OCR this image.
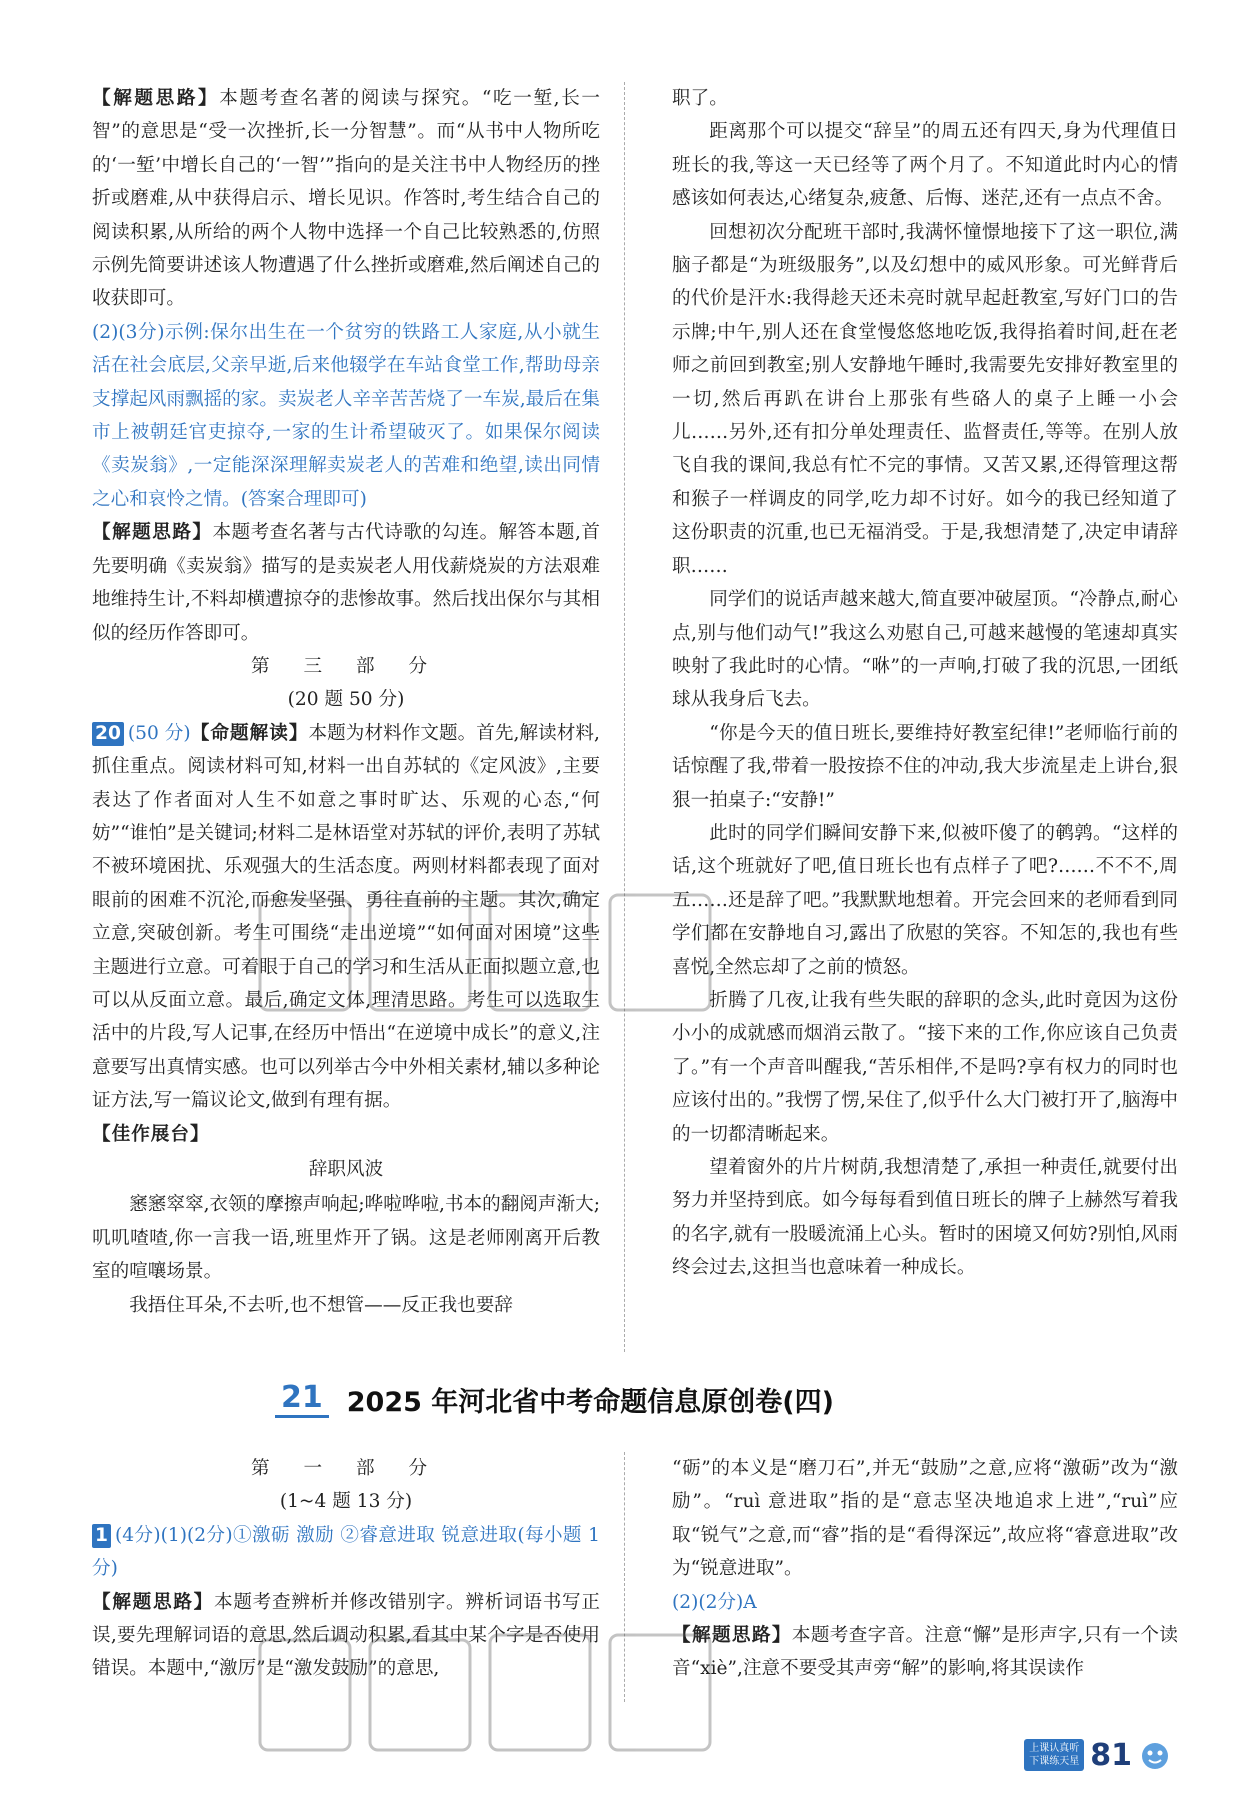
【解题思路】本题考查名著的阅读与探究。“吃一堑,长一智”的意思是“受一次挫折,长一分智慧”。而“从书中人物所吃的‘一堑’中增长自己的‘一智’”指向的是关注书中人物经历的挫折或磨难,从中获得启示、增长见识。作答时,考生结合自己的阅读积累,从所给的两个人物中选择一个自己比较熟悉的,仿照示例先简要讲述该人物遭遇了什么挫折或磨难,然后阐述自己的收获即可。

(2)(3分)示例:保尔出生在一个贫穷的铁路工人家庭,从小就生活在社会底层,父亲早逝,后来他辍学在车站食堂工作,帮助母亲支撑起风雨飘摇的家。卖炭老人辛辛苦苦烧了一车炭,最后在集市上被朝廷官吏掠夺,一家的生计希望破灭了。如果保尔阅读《卖炭翁》,一定能深深理解卖炭老人的苦难和绝望,读出同情之心和哀怜之情。(答案合理即可)

【解题思路】本题考查名著与古代诗歌的勾连。解答本题,首先要明确《卖炭翁》描写的是卖炭老人用伐薪烧炭的方法艰难地维持生计,不料却横遭掠夺的悲惨故事。然后找出保尔与其相似的经历作答即可。

第 三 部 分

(20 题 50 分)

20 (50 分)【命题解读】本题为材料作文题。首先,解读材料,抓住重点。阅读材料可知,材料一出自苏轼的《定风波》,主要表达了作者面对人生不如意之事时旷达、乐观的心态,“何妨”“谁怕”是关键词;材料二是林语堂对苏轼的评价,表明了苏轼不被环境困扰、乐观强大的生活态度。两则材料都表现了面对眼前的困难不沉沦,而愈发坚强、勇往直前的主题。其次,确定立意,突破创新。考生可围绕“走出逆境”“如何面对困境”这些主题进行立意。可着眼于自己的学习和生活从正面拟题立意,也可以从反面立意。最后,确定文体,理清思路。考生可以选取生活中的片段,写人记事,在经历中悟出“在逆境中成长”的意义,注意要写出真情实感。也可以列举古今中外相关素材,辅以多种论证方法,写一篇议论文,做到有理有据。

【佳作展台】

辞职风波

窸窸窣窣,衣领的摩擦声响起;哗啦哗啦,书本的翻阅声渐大;叽叽喳喳,你一言我一语,班里炸开了锅。这是老师刚离开后教室的喧嚷场景。

我捂住耳朵,不去听,也不想管——反正我也要辞

职了。

距离那个可以提交“辞呈”的周五还有四天,身为代理值日班长的我,等这一天已经等了两个月了。不知道此时内心的情感该如何表达,心绪复杂,疲惫、后悔、迷茫,还有一点点不舍。

回想初次分配班干部时,我满怀憧憬地接下了这一职位,满脑子都是“为班级服务”,以及幻想中的威风形象。可光鲜背后的代价是汗水:我得趁天还未亮时就早起赶教室,写好门口的告示牌;中午,别人还在食堂慢悠悠地吃饭,我得掐着时间,赶在老师之前回到教室;别人安静地午睡时,我需要先安排好教室里的一切,然后再趴在讲台上那张有些硌人的桌子上睡一小会儿……另外,还有扣分单处理责任、监督责任,等等。在别人放飞自我的课间,我总有忙不完的事情。又苦又累,还得管理这帮和猴子一样调皮的同学,吃力却不讨好。如今的我已经知道了这份职责的沉重,也已无福消受。于是,我想清楚了,决定申请辞职……

同学们的说话声越来越大,简直要冲破屋顶。“冷静点,耐心点,别与他们动气!”我这么劝慰自己,可越来越慢的笔速却真实映射了我此时的心情。“咻”的一声响,打破了我的沉思,一团纸球从我身后飞去。

“你是今天的值日班长,要维持好教室纪律!”老师临行前的话惊醒了我,带着一股按捺不住的冲动,我大步流星走上讲台,狠狠一拍桌子:“安静!”

此时的同学们瞬间安静下来,似被吓傻了的鹌鹑。“这样的话,这个班就好了吧,值日班长也有点样子了吧?……不不不,周五……还是辞了吧。”我默默地想着。开完会回来的老师看到同学们都在安静地自习,露出了欣慰的笑容。不知怎的,我也有些喜悦,全然忘却了之前的愤怒。

折腾了几夜,让我有些失眠的辞职的念头,此时竟因为这份小小的成就感而烟消云散了。“接下来的工作,你应该自己负责了。”有一个声音叫醒我,“苦乐相伴,不是吗?享有权力的同时也应该付出的。”我愣了愣,呆住了,似乎什么大门被打开了,脑海中的一切都清晰起来。

望着窗外的片片树荫,我想清楚了,承担一种责任,就要付出努力并坚持到底。如今每每看到值日班长的牌子上赫然写着我的名字,就有一股暖流涌上心头。暂时的困境又何妨?别怕,风雨终会过去,这担当也意味着一种成长。

21 2025 年河北省中考命题信息原创卷(四)

第 一 部 分

(1~4 题 13 分)

1 (4分)(1)(2分)①激砺 激励 ②睿意进取 锐意进取(每小题 1 分)

【解题思路】本题考查辨析并修改错别字。辨析词语书写正误,要先理解词语的意思,然后调动积累,看其中某个字是否使用错误。本题中,“激厉”是“激发鼓励”的意思,

“砺”的本义是“磨刀石”,并无“鼓励”之意,应将“激砺”改为“激励”。“ruì 意进取”指的是“意志坚决地追求上进”,“ruì”应取“锐气”之意,而“睿”指的是“看得深远”,故应将“睿意进取”改为“锐意进取”。

(2)(2分)A

【解题思路】本题考查字音。注意“懈”是形声字,只有一个读音“xiè”,注意不要受其声旁“解”的影响,将其误读作

上课认真听
下课练天星 81
